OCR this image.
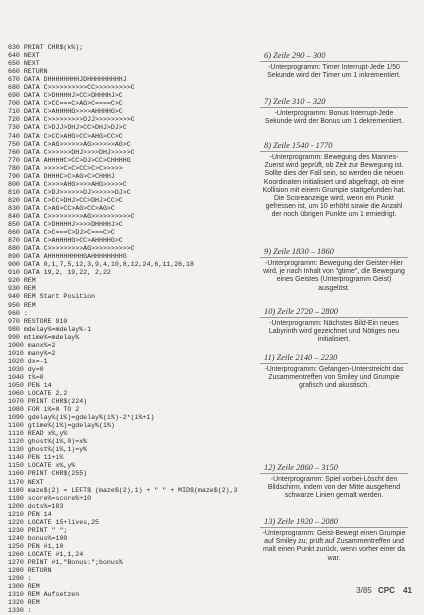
630 PRINT CHR$(k%);
640 NEXT
650 NEXT
660 RETURN
670 DATA DHHHHHHHHJDHHHHHHHHHJ
680 DATA C>>>>>>>>>>CC>>>>>>>>>C
690 DATA C>DHHHHJ>CC>DHHHHJ>C
700 DATA C>CC===C>AG>C====C>C
710 DATA C>AHHHHG>>>>AHHHHG>C
720 DATA C>>>>>>>>>DJJ>>>>>>>>>C
730 DATA C>DJJ>DHJ>CC>DHJ>DJ>C
740 DATA C>CC>AHG>CC>AHG>CC>C
750 DATA C>AG>>>>>>AG>>>>>>AG>C
760 DATA C>>>>>>DHJ>>>>DHJ>>>>>C
770 DATA AHHHHC>CC>DJ>CC>CHHHHG
780 DATA >>>>>C>C>CC>C>C>>>>>
790 DATA DHHHC>C>AG>C>CHHHJ
800 DATA C>>>>AHG>>>>AHG>>>>>C
810 DATA C>DJ>>>>>>DJ>>>>>>DJ>C
820 DATA C>CC>DHJ>CC>DHJ>CC>C
830 DATA C>AG>CC>AG>CC>AG>C
840 DATA C>>>>>>>>>AG>>>>>>>>>>C
850 DATA C>DHHHHJ>>>>DHHHHJ>C
860 DATA C>C===C>DJ>C===C>C
870 DATA C>AHHHHG>CC>AHHHHG>C
880 DATA C>>>>>>>>>AG>>>>>>>>>>C
890 DATA AHHHHHHHHHGAHHHHHHHHG
900 DATA 0,1,7,5,12,3,9,4,10,8,12,24,6,11,26,18
910 DATA 19,2, 19,22, 2,22
920 REM
930 REM
940 REM Start Position
950 REM
960 :
970 RESTORE 910
980 mdelay%=mdelay%-1
990 mtime%=mdelay%
1000 manx%=2
1010 many%=2
1020 dx=-1
1030 dy=0
1040 t%=0
1050 PEN 14
1060 LOCATE 2,2
1070 PRINT CHR$(224)
1080 FOR i%=0 TO 2
1090 gdelay%(i%)=gdelay%(i%)-2*(i%+1)
1100 gtime%(i%)=gdelay%(i%)
1110 READ x%,y%
1120 ghost%(i%,0)=x%
1130 ghost%(i%,1)=y%
1140 PEN 11+i%
1150 LOCATE x%,y%
1160 PRINT CHR$(255)
1170 NEXT
1180 maze$(2) = LEFT$ (maze$(2),1) + " " + MID$(maze$(2),3
1190 score%=score%+10
1200 dots%=183
1210 PEN 14
1220 LOCATE 15+lives,25
1230 PRINT " ";
1240 bonus%=100
1250 PEN #1,10
1260 LOCATE #1,1,24
1270 PRINT #1,"Bonus:";bonus%
1280 RETURN
1290 :
1300 REM
1310 REM Aufsetzen
1320 REM
1330 :
6) Zeile 290 – 300
-Unterprogramm: Timer Interrupt-Jede 1/50 Sekunde wird der Timer um 1 inkrementiert.
7) Zeile 310 – 320
-Unterprogramm: Bonus Interrupt-Jede Sekunde wird der Bonus um 1 dekrementiert.
8) Zeile 1540 - 1770
-Unterprogramm: Bewegung des Mannes-Zuerst wird geprüft, ob Zeit zur Bewegung ist. Sollte dies der Fall sein, so werden die neuen Koordinaten initialisiert und abgefragt, ob eine Kollision mit einem Grumpie stattgefunden hat. Die Scoreanzeige wird, wenn ein Punkt gefressen ist, um 10 erhöht sowie die Anzahl der noch übrigen Punkte um 1 erniedrigt.
9) Zeile 1830 – 1860
-Unterprogramm: Bewegung der Geister-Hier wird, je nach Inhalt von "gtime", die Bewegung eines Geistes (Unterprogramm Geist) ausgelöst.
10) Zeile 2720 – 2800
-Unterprogramm: Nächstes Bild-Ein neues Labyrinth wird gezeichnet und Nötiges neu initialisiert.
11) Zeile 2140 – 2230
-Unterprogramm: Gefangen-Unterstreicht das Zusammentreffen von Smiley und Grumpie grafisch und akustisch.
12) Zeile 2860 – 3150
-Unterprogramm: Spiel vorbei-Löscht den Bildschirm, indem von der Mitte ausgehend schwarze Linien gemalt werden.
13) Zeile 1920 – 2080
-Unterprogramm: Geist-Bewegt einen Grumpie auf Smiley zu; prüft auf Zusammentreffen und malt einen Punkt zurück, wenn vorher einer da war.
3/85 CPC 41
